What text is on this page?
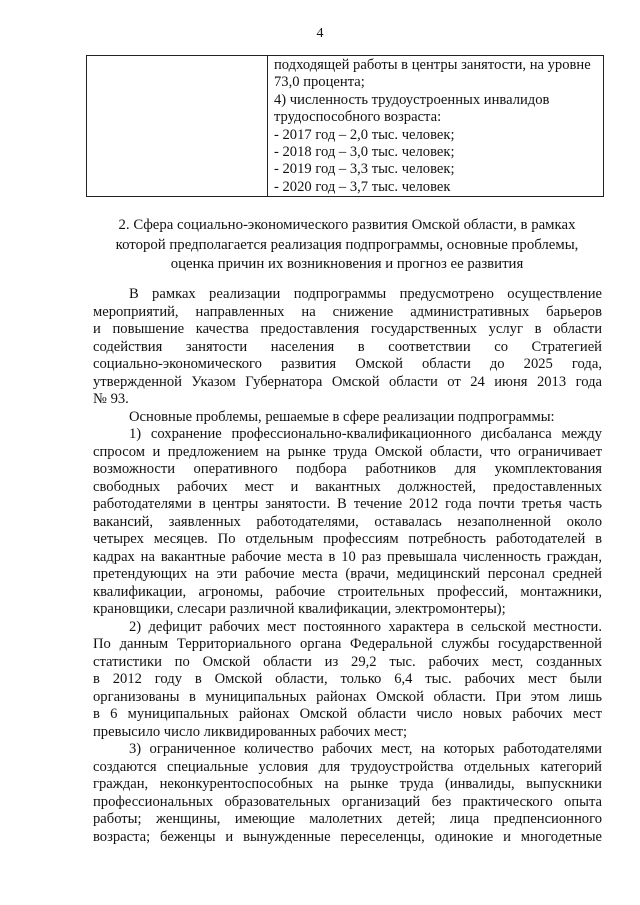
4

подходящей работы в центры занятости, на уровне
73,0 процента;
4) численность трудоустроенных инвалидов
трудоспособного возраста:
- 2017 год – 2,0 тыс. человек;
- 2018 год – 3,0 тыс. человек;
- 2019 год – 3,3 тыс. человек;
- 2020 год – 3,7 тыс. человек
2. Сфера социально-экономического развития Омской области, в рамках
которой предполагается реализация подпрограммы, основные проблемы,
оценка причин их возникновения и прогноз ее развития
В рамках реализации подпрограммы предусмотрено осуществление
мероприятий, направленных на снижение административных барьеров
и повышение качества предоставления государственных услуг в области
содействия занятости населения в соответствии со Стратегией
социально-экономического развития Омской области до 2025 года,
утвержденной Указом Губернатора Омской области от 24 июня 2013 года
№ 93.
Основные проблемы, решаемые в сфере реализации подпрограммы:
1) сохранение профессионально-квалификационного дисбаланса между
спросом и предложением на рынке труда Омской области, что ограничивает
возможности оперативного подбора работников для укомплектования
свободных рабочих мест и вакантных должностей, предоставленных
работодателями в центры занятости. В течение 2012 года почти третья часть
вакансий, заявленных работодателями, оставалась незаполненной около
четырех месяцев. По отдельным профессиям потребность работодателей в
кадрах на вакантные рабочие места в 10 раз превышала численность граждан,
претендующих на эти рабочие места (врачи, медицинский персонал средней
квалификации, агрономы, рабочие строительных профессий, монтажники,
крановщики, слесари различной квалификации, электромонтеры);
2) дефицит рабочих мест постоянного характера в сельской местности.
По данным Территориального органа Федеральной службы государственной
статистики по Омской области из 29,2 тыс. рабочих мест, созданных
в 2012 году в Омской области, только 6,4 тыс. рабочих мест были
организованы в муниципальных районах Омской области. При этом лишь
в 6 муниципальных районах Омской области число новых рабочих мест
превысило число ликвидированных рабочих мест;
3) ограниченное количество рабочих мест, на которых работодателями
создаются специальные условия для трудоустройства отдельных категорий
граждан, неконкурентоспособных на рынке труда (инвалиды, выпускники
профессиональных образовательных организаций без практического опыта
работы; женщины, имеющие малолетних детей; лица предпенсионного
возраста; беженцы и вынужденные переселенцы, одинокие и многодетные
